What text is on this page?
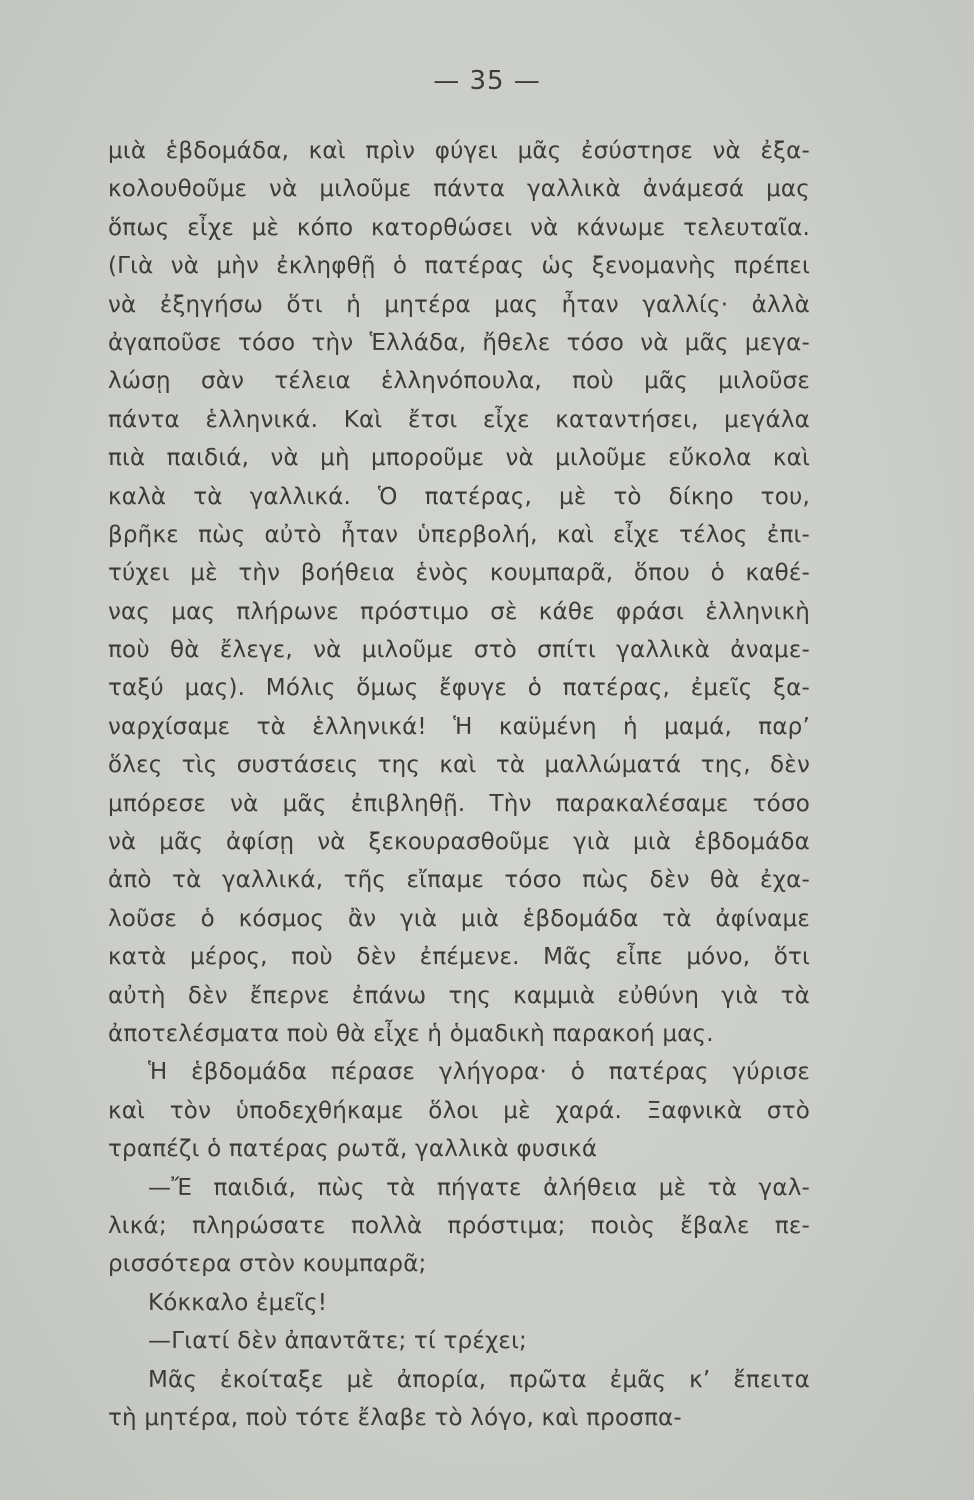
— 35 —
μιὰ ἑβδομάδα, καὶ πρὶν φύγει μᾶς ἐσύστησε νὰ ἐξα-
κολουθοῦμε νὰ μιλοῦμε πάντα γαλλικὰ ἀνάμεσά μας
ὅπως εἶχε μὲ κόπο κατορθώσει νὰ κάνωμε τελευταῖα.
(Γιὰ νὰ μὴν ἐκληφθῇ ὁ πατέρας ὡς ξενομανὴς πρέπει
νὰ ἐξηγήσω ὅτι ἡ μητέρα μας ἦταν γαλλίς· ἀλλὰ
ἀγαποῦσε τόσο τὴν Ἑλλάδα, ἤθελε τόσο νὰ μᾶς μεγα-
λώσῃ σὰν τέλεια ἑλληνόπουλα, ποὺ μᾶς μιλοῦσε
πάντα ἑλληνικά. Καὶ ἔτσι εἶχε καταντήσει, μεγάλα
πιὰ παιδιά, νὰ μὴ μποροῦμε νὰ μιλοῦμε εὔκολα καὶ
καλὰ τὰ γαλλικά. Ὁ πατέρας, μὲ τὸ δίκηο του,
βρῆκε πὼς αὐτὸ ἦταν ὑπερβολή, καὶ εἶχε τέλος ἐπι-
τύχει μὲ τὴν βοήθεια ἑνὸς κουμπαρᾶ, ὅπου ὁ καθέ-
νας μας πλήρωνε πρόστιμο σὲ κάθε φράσι ἑλληνικὴ
ποὺ θὰ ἔλεγε, νὰ μιλοῦμε στὸ σπίτι γαλλικὰ ἀναμε-
ταξύ μας). Μόλις ὅμως ἔφυγε ὁ πατέρας, ἐμεῖς ξα-
ναρχίσαμε τὰ ἑλληνικά! Ἡ καϋμένη ἡ μαμά, παρ’
ὅλες τὶς συστάσεις της καὶ τὰ μαλλώματά της, δὲν
μπόρεσε νὰ μᾶς ἐπιβληθῇ. Τὴν παρακαλέσαμε τόσο
νὰ μᾶς ἀφίσῃ νὰ ξεκουρασθοῦμε γιὰ μιὰ ἑβδομάδα
ἀπὸ τὰ γαλλικά, τῆς εἴπαμε τόσο πὼς δὲν θὰ ἐχα-
λοῦσε ὁ κόσμος ἂν γιὰ μιὰ ἑβδομάδα τὰ ἀφίναμε
κατὰ μέρος, ποὺ δὲν ἐπέμενε. Μᾶς εἶπε μόνο, ὅτι
αὐτὴ δὲν ἔπερνε ἐπάνω της καμμιὰ εὐθύνη γιὰ τὰ
ἀποτελέσματα ποὺ θὰ εἶχε ἡ ὁμαδικὴ παρακοή μας.
Ἡ ἑβδομάδα πέρασε γλήγορα· ὁ πατέρας γύρισε
καὶ τὸν ὑποδεχθήκαμε ὅλοι μὲ χαρά. Ξαφνικὰ στὸ
τραπέζι ὁ πατέρας ρωτᾶ, γαλλικὰ φυσικά
—Ἔ παιδιά, πὼς τὰ πήγατε ἀλήθεια μὲ τὰ γαλ-
λικά; πληρώσατε πολλὰ πρόστιμα; ποιὸς ἔβαλε πε-
ρισσότερα στὸν κουμπαρᾶ;
Κόκκαλο ἐμεῖς!
—Γιατί δὲν ἀπαντᾶτε; τί τρέχει;
Μᾶς ἐκοίταξε μὲ ἀπορία, πρῶτα ἐμᾶς κ’ ἔπειτα
τὴ μητέρα, ποὺ τότε ἔλαβε τὸ λόγο, καὶ προσπα-
